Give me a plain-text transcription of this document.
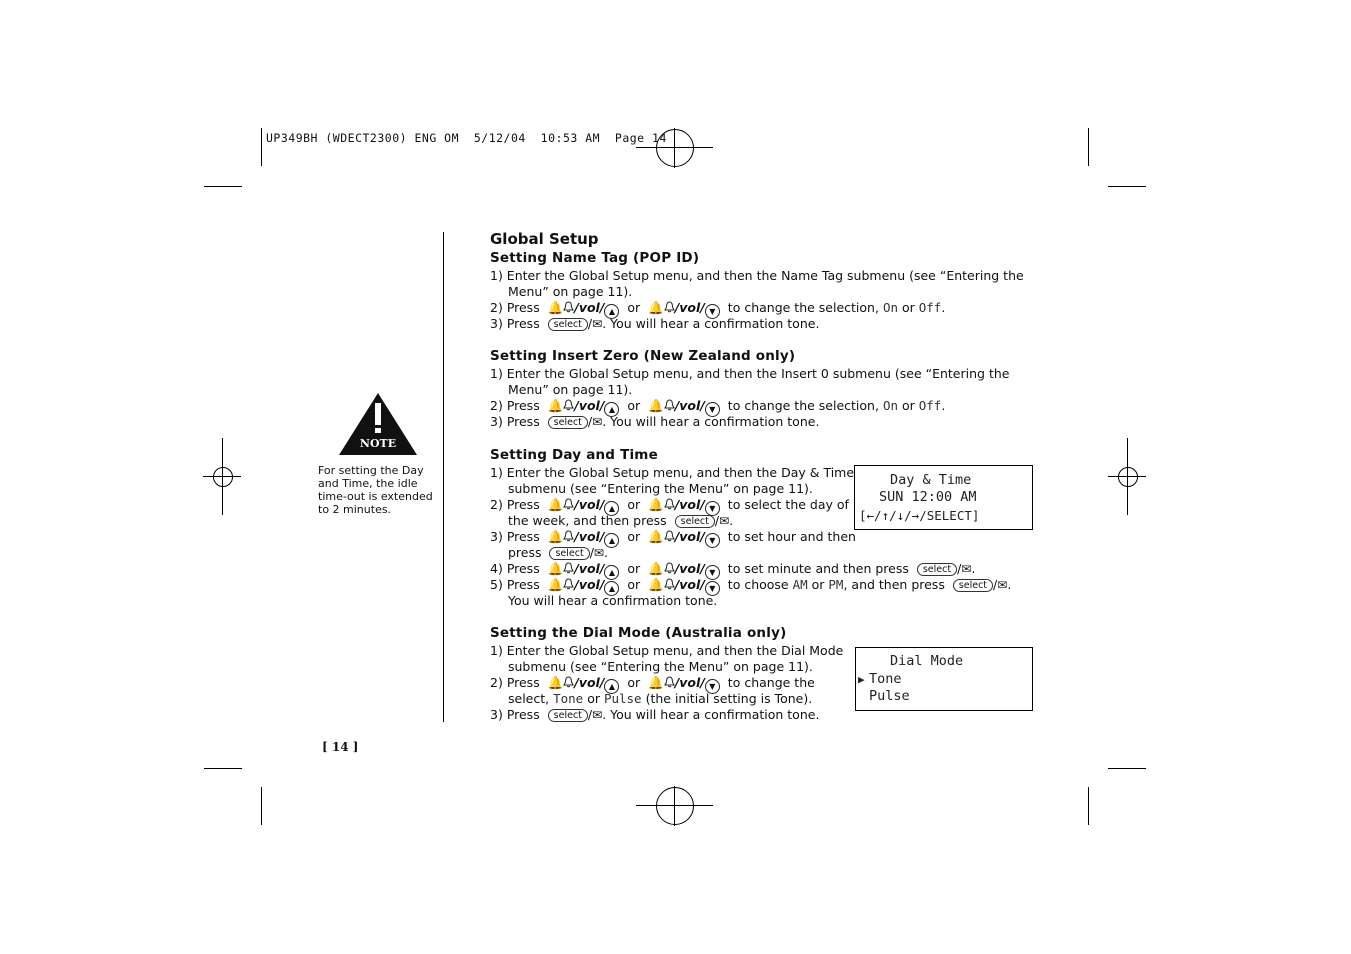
UP349BH (WDECT2300) ENG OM  5/12/04  10:53 AM  Page 14
NOTE
For setting the Day
and Time, the idle
time-out is extended
to 2 minutes.
[ 14 ]
Global Setup
Setting Name Tag (POP ID)
1) Enter the Global Setup menu, and then the Name Tag submenu (see “Entering the
Menu” on page 11).
2) Press 🔔	/vol/ ▲ or 🔔	/vol/ ▼ to change the selection, On or Off.
3) Press select /✉. You will hear a confirmation tone.
Setting Insert Zero (New Zealand only)
1) Enter the Global Setup menu, and then the Insert 0 submenu (see “Entering the
Menu” on page 11).
2) Press 🔔	/vol/ ▲ or 🔔	/vol/ ▼ to change the selection, On or Off.
3) Press select /✉. You will hear a confirmation tone.
Setting Day and Time
1) Enter the Global Setup menu, and then the Day & Time
submenu (see “Entering the Menu” on page 11).
2) Press 🔔	/vol/ ▲ or 🔔	/vol/ ▼ to select the day of
the week, and then press select /✉.
3) Press 🔔	/vol/ ▲ or 🔔	/vol/ ▼ to set hour and then
press select /✉.
4) Press 🔔	/vol/ ▲ or 🔔	/vol/ ▼ to set minute and then press select /✉.
5) Press 🔔	/vol/ ▲ or 🔔	/vol/ ▼ to choose AM or PM, and then press select /✉.
You will hear a confirmation tone.

Day & Time

SUN 12:00 AM

[←/↑/↓/→/SELECT]

Setting the Dial Mode (Australia only)
1) Enter the Global Setup menu, and then the Dial Mode
submenu (see “Entering the Menu” on page 11).
2) Press 🔔	/vol/ ▲ or 🔔	/vol/ ▼ to change the
select, Tone or Pulse (the initial setting is Tone).
3) Press select /✉. You will hear a confirmation tone.

Dial Mode

▶

Tone

Pulse
